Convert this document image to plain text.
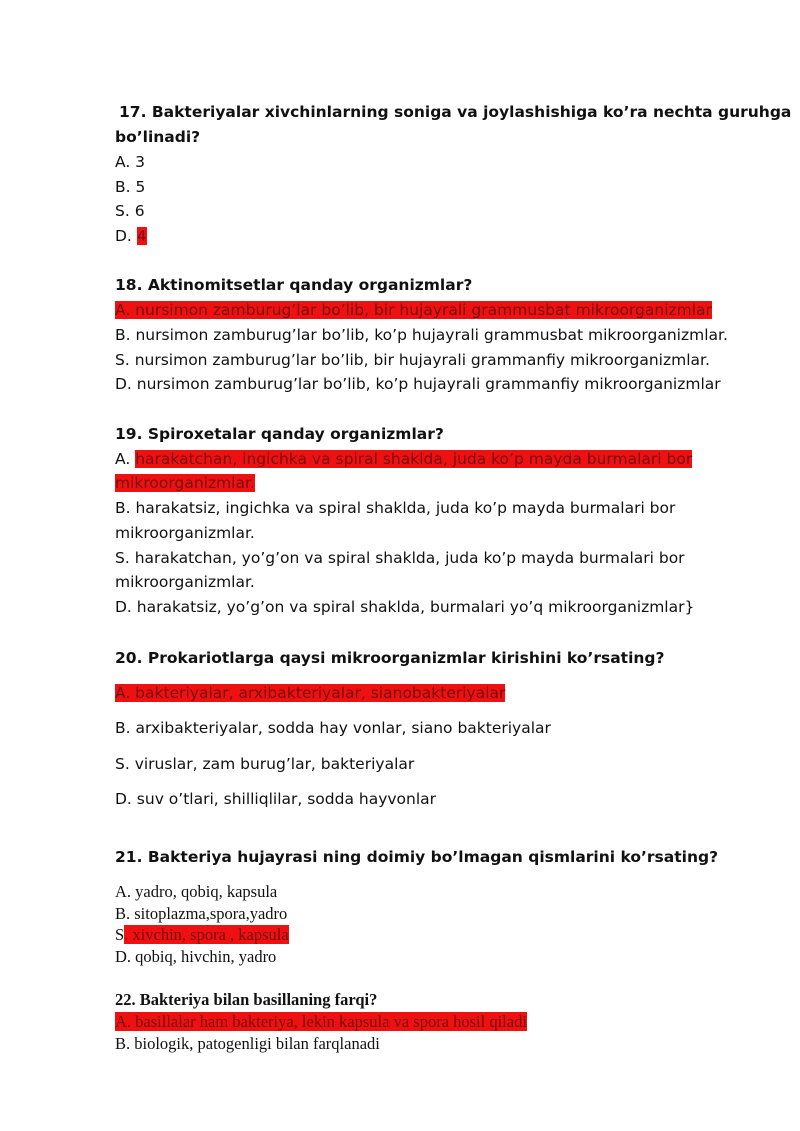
17. Bakteriyalar xivchinlarning soniga va joylashishiga ko’ra nechta guruhga
bo’linadi?
A. 3
B. 5
S. 6
D. 4
18. Aktinomitsetlar qanday organizmlar?
A. nursimon zamburug’lar bo’lib, bir hujayrali grammusbat mikroorganizmlar
B. nursimon zamburug’lar bo’lib, ko’p hujayrali grammusbat mikroorganizmlar.
S. nursimon zamburug’lar bo’lib, bir hujayrali grammanfiy mikroorganizmlar.
D. nursimon zamburug’lar bo’lib, ko’p hujayrali grammanfiy mikroorganizmlar
19. Spiroxetalar qanday organizmlar?
A. harakatchan, ingichka va spiral shaklda, juda ko’p mayda burmalari bor
mikroorganizmlar.
B. harakatsiz, ingichka va spiral shaklda, juda ko’p mayda burmalari bor
mikroorganizmlar.
S. harakatchan, yo’g’on va spiral shaklda, juda ko’p mayda burmalari bor
mikroorganizmlar.
D. harakatsiz, yo’g’on va spiral shaklda, burmalari yo’q mikroorganizmlar}
20. Prokariotlarga qaysi mikroorganizmlar kirishini ko’rsating?
A. bakteriyalar, arxibakteriyalar, sianobakteriyalar
B. arxibakteriyalar, sodda hay vonlar, siano bakteriyalar
S. viruslar, zam burug’lar, bakteriyalar
D. suv o’tlari, shilliqlilar, sodda hayvonlar
21. Bakteriya hujayrasi ning doimiy bo’lmagan qismlarini ko’rsating?
A. yadro, qobiq, kapsula
B. sitoplazma,spora,yadro
S. xivchin, spora , kapsula
D. qobiq, hivchin, yadro
22. Bakteriya bilan basillaning farqi?
A. basillalar ham bakteriya, lekin kapsula va spora hosil qiladi
B. biologik, patogenligi bilan farqlanadi
